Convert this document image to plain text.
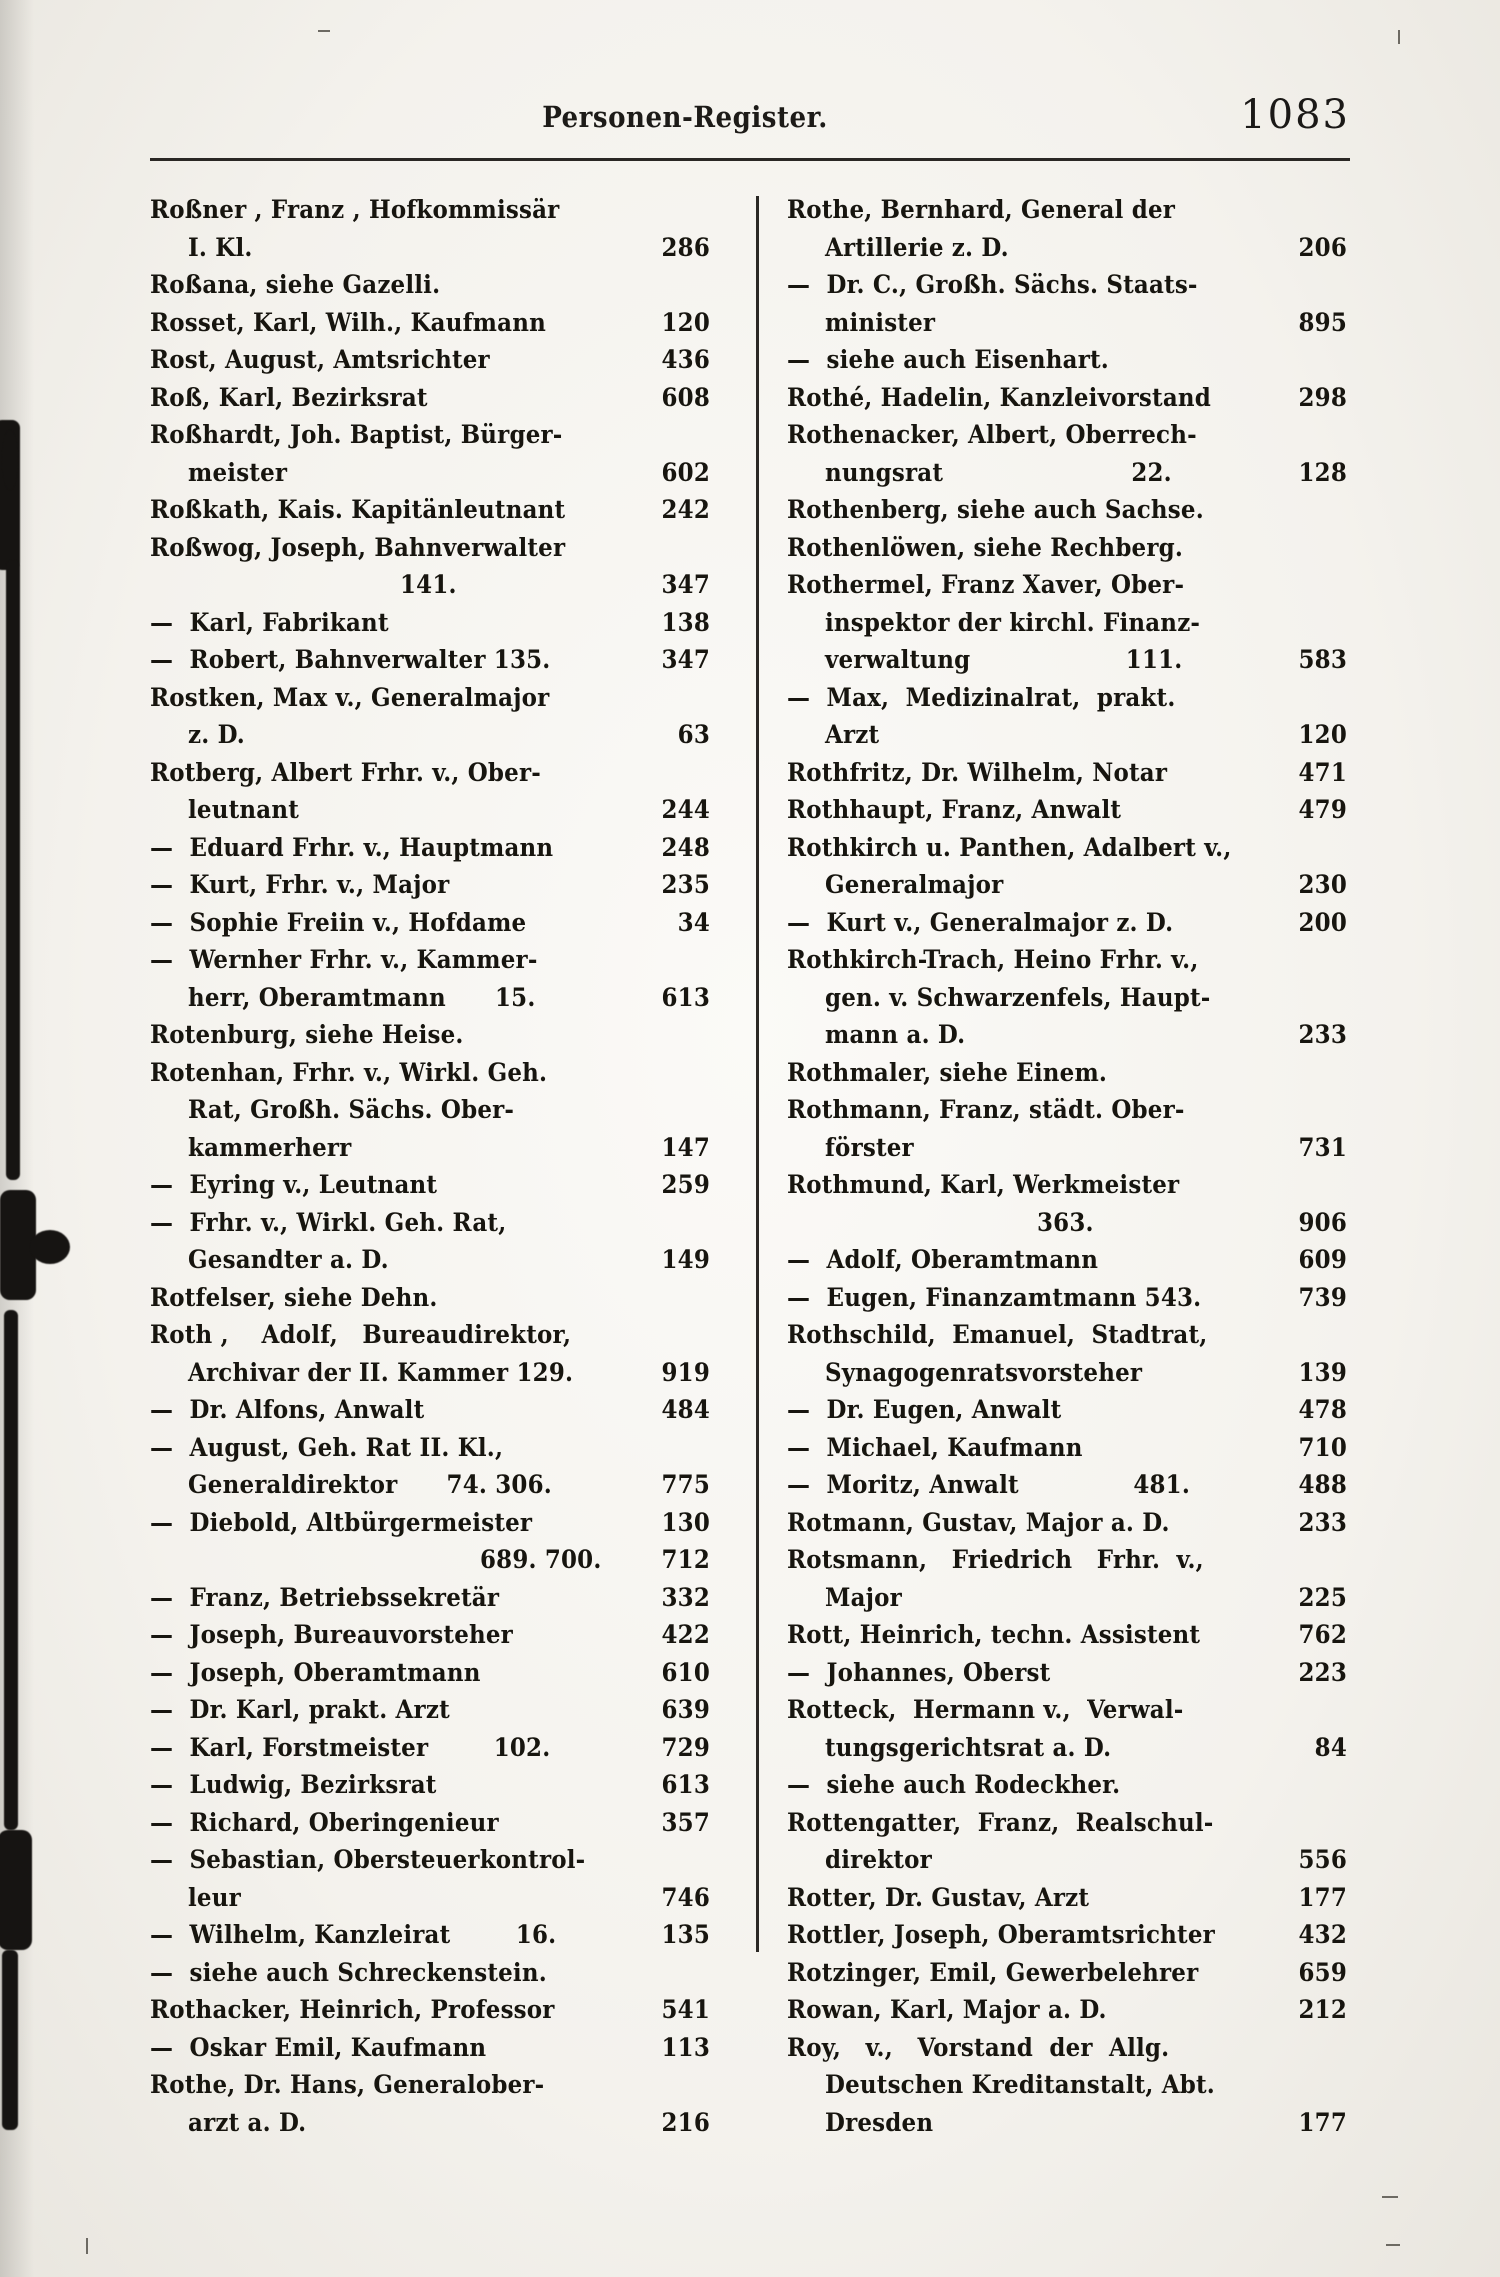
Personen-Register.	1083
Roßner , Franz , Hofkommissär
I. Kl.	286
Roßana, siehe Gazelli.
Rosset, Karl, Wilh., Kaufmann	120
Rost, August, Amtsrichter	436
Roß, Karl, Bezirksrat	608
Roßhardt, Joh. Baptist, Bürger-
meister	602
Roßkath, Kais. Kapitänleutnant	242
Roßwog, Joseph, Bahnverwalter
141.	347
—  Karl, Fabrikant	138
—  Robert, Bahnverwalter 135.	347
Rostken, Max v., Generalmajor
z. D.	63
Rotberg, Albert Frhr. v., Ober-
leutnant	244
—  Eduard Frhr. v., Hauptmann	248
—  Kurt, Frhr. v., Major	235
—  Sophie Freiin v., Hofdame	34
—  Wernher Frhr. v., Kammer-
herr, Oberamtmann      15.	613
Rotenburg, siehe Heise.
Rotenhan, Frhr. v., Wirkl. Geh.
Rat, Großh. Sächs. Ober-
kammerherr	147
—  Eyring v., Leutnant	259
—  Frhr. v., Wirkl. Geh. Rat,
Gesandter a. D.	149
Rotfelser, siehe Dehn.
Roth ,    Adolf,   Bureaudirektor,
Archivar der II. Kammer 129.	919
—  Dr. Alfons, Anwalt	484
—  August, Geh. Rat II. Kl.,
Generaldirektor      74. 306.	775
—  Diebold, Altbürgermeister	130
689. 700.	712
—  Franz, Betriebssekretär	332
—  Joseph, Bureauvorsteher	422
—  Joseph, Oberamtmann	610
—  Dr. Karl, prakt. Arzt	639
—  Karl, Forstmeister        102.	729
—  Ludwig, Bezirksrat	613
—  Richard, Oberingenieur	357
—  Sebastian, Obersteuerkontrol-
leur	746
—  Wilhelm, Kanzleirat        16.	135
—  siehe auch Schreckenstein.
Rothacker, Heinrich, Professor	541
—  Oskar Emil, Kaufmann	113
Rothe, Dr. Hans, Generalober-
arzt a. D.	216
Rothe, Bernhard, General der
Artillerie z. D.	206
—  Dr. C., Großh. Sächs. Staats-
minister	895
—  siehe auch Eisenhart.
Rothé, Hadelin, Kanzleivorstand	298
Rothenacker, Albert, Oberrech-
nungsrat                       22.	128
Rothenberg, siehe auch Sachse.
Rothenlöwen, siehe Rechberg.
Rothermel, Franz Xaver, Ober-
inspektor der kirchl. Finanz-
verwaltung                   111.	583
—  Max,  Medizinalrat,  prakt.
Arzt	120
Rothfritz, Dr. Wilhelm, Notar	471
Rothhaupt, Franz, Anwalt	479
Rothkirch u. Panthen, Adalbert v.,
Generalmajor	230
—  Kurt v., Generalmajor z. D.	200
Rothkirch-Trach, Heino Frhr. v.,
gen. v. Schwarzenfels, Haupt-
mann a. D.	233
Rothmaler, siehe Einem.
Rothmann, Franz, städt. Ober-
förster	731
Rothmund, Karl, Werkmeister
363.	906
—  Adolf, Oberamtmann	609
—  Eugen, Finanzamtmann 543.	739
Rothschild,  Emanuel,  Stadtrat,
Synagogenratsvorsteher	139
—  Dr. Eugen, Anwalt	478
—  Michael, Kaufmann	710
—  Moritz, Anwalt              481.	488
Rotmann, Gustav, Major a. D.	233
Rotsmann,   Friedrich   Frhr.  v.,
Major	225
Rott, Heinrich, techn. Assistent	762
—  Johannes, Oberst	223
Rotteck,  Hermann v.,  Verwal-
tungsgerichtsrat a. D.	84
—  siehe auch Rodeckher.
Rottengatter,  Franz,  Realschul-
direktor	556
Rotter, Dr. Gustav, Arzt	177
Rottler, Joseph, Oberamtsrichter	432
Rotzinger, Emil, Gewerbelehrer	659
Rowan, Karl, Major a. D.	212
Roy,   v.,   Vorstand  der  Allg.
Deutschen Kreditanstalt, Abt.
Dresden	177
